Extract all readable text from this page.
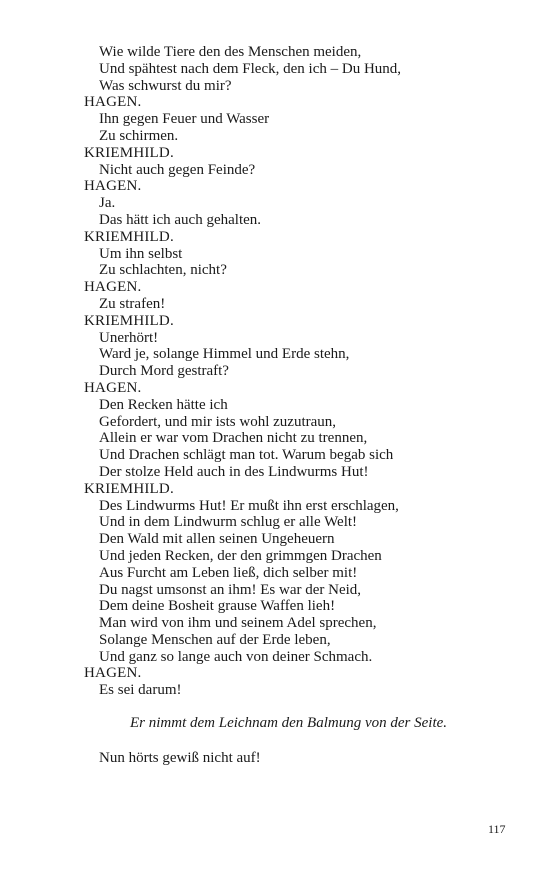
Wie wilde Tiere den des Menschen meiden,
Und spähtest nach dem Fleck, den ich – Du Hund,
Was schwurst du mir?
HAGEN.
Ihn gegen Feuer und Wasser
Zu schirmen.
KRIEMHILD.
Nicht auch gegen Feinde?
HAGEN.
Ja.
Das hätt ich auch gehalten.
KRIEMHILD.
Um ihn selbst
Zu schlachten, nicht?
HAGEN.
Zu strafen!
KRIEMHILD.
Unerhört!
Ward je, solange Himmel und Erde stehn,
Durch Mord gestraft?
HAGEN.
Den Recken hätte ich
Gefordert, und mir ists wohl zuzutraun,
Allein er war vom Drachen nicht zu trennen,
Und Drachen schlägt man tot. Warum begab sich
Der stolze Held auch in des Lindwurms Hut!
KRIEMHILD.
Des Lindwurms Hut! Er mußt ihn erst erschlagen,
Und in dem Lindwurm schlug er alle Welt!
Den Wald mit allen seinen Ungeheuern
Und jeden Recken, der den grimmgen Drachen
Aus Furcht am Leben ließ, dich selber mit!
Du nagst umsonst an ihm! Es war der Neid,
Dem deine Bosheit grause Waffen lieh!
Man wird von ihm und seinem Adel sprechen,
Solange Menschen auf der Erde leben,
Und ganz so lange auch von deiner Schmach.
HAGEN.
Es sei darum!
Er nimmt dem Leichnam den Balmung von der Seite.
Nun hörts gewiß nicht auf!
117
